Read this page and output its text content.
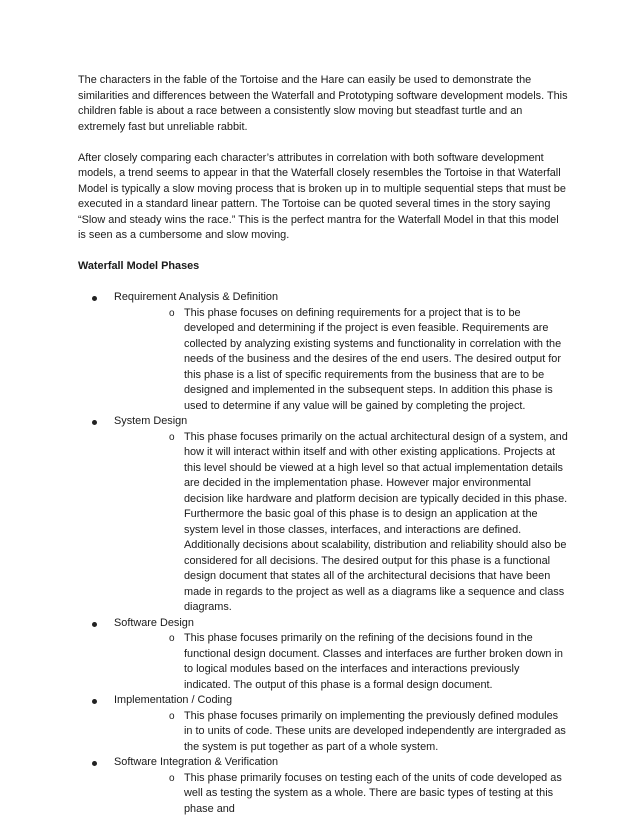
The characters in the fable of the Tortoise and the Hare can easily be used to demonstrate the similarities and differences between the Waterfall and Prototyping software development models. This children fable is about a race between a consistently slow moving but steadfast turtle and an extremely fast but unreliable rabbit.

After closely comparing each character’s attributes in correlation with both software development models, a trend seems to appear in that the Waterfall closely resembles the Tortoise in that Waterfall Model is typically a slow moving process that is broken up in to multiple sequential steps that must be executed in a standard linear pattern. The Tortoise can be quoted several times in the story saying “Slow and steady wins the race.” This is the perfect mantra for the Waterfall Model in that this model is seen as a cumbersome and slow moving.

Waterfall Model Phases

Requirement Analysis & Definition
o This phase focuses on defining requirements for a project that is to be developed and determining if the project is even feasible. Requirements are collected by analyzing existing systems and functionality in correlation with the needs of the business and the desires of the end users. The desired output for this phase is a list of specific requirements from the business that are to be designed and implemented in the subsequent steps. In addition this phase is used to determine if any value will be gained by completing the project.
System Design
o This phase focuses primarily on the actual architectural design of a system, and how it will interact within itself and with other existing applications. Projects at this level should be viewed at a high level so that actual implementation details are decided in the implementation phase. However major environmental decision like hardware and platform decision are typically decided in this phase. Furthermore the basic goal of this phase is to design an application at the system level in those classes, interfaces, and interactions are defined. Additionally decisions about scalability, distribution and reliability should also be considered for all decisions. The desired output for this phase is a functional design document that states all of the architectural decisions that have been made in regards to the project as well as a diagrams like a sequence and class diagrams.
Software Design
o This phase focuses primarily on the refining of the decisions found in the functional design document. Classes and interfaces are further broken down in to logical modules based on the interfaces and interactions previously indicated. The output of this phase is a formal design document.
Implementation / Coding
o This phase focuses primarily on implementing the previously defined modules in to units of code. These units are developed independently are intergraded as the system is put together as part of a whole system.
Software Integration & Verification
o This phase primarily focuses on testing each of the units of code developed as well as testing the system as a whole. There are basic types of testing at this phase and
